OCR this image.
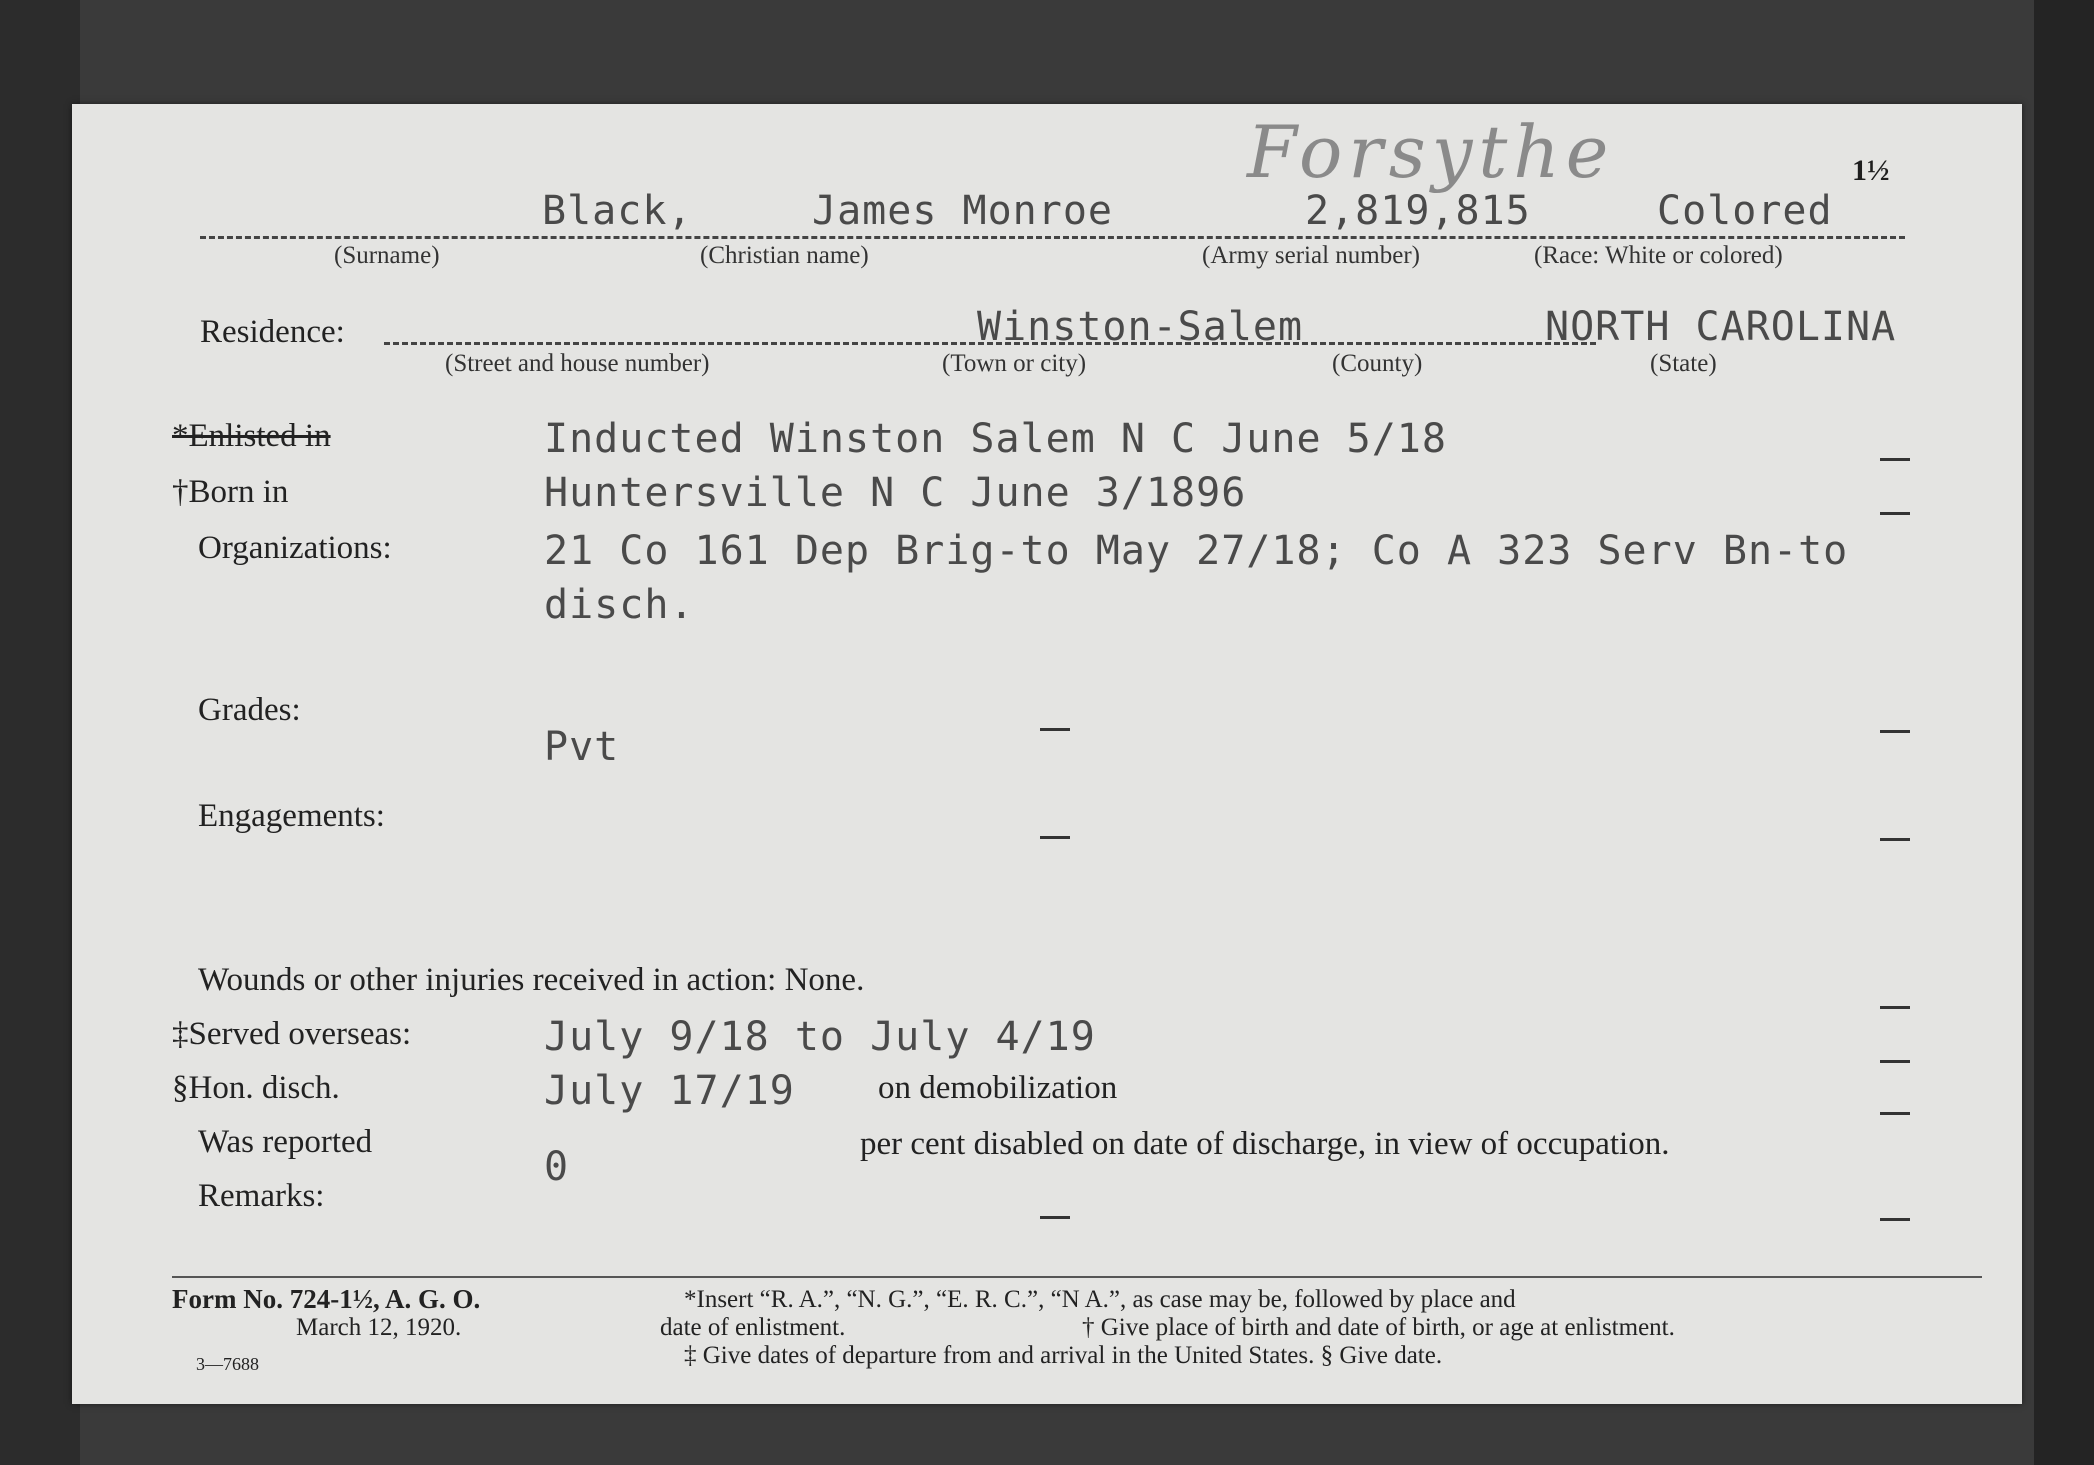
Forsythe	1½
Black,	James Monroe	2,819,815	Colored
(Surname)	(Christian name)	(Army serial number)	(Race: White or colored)
Residence:	Winston-Salem	NORTH CAROLINA
(Street and house number)	(Town or city)	(County)	(State)
*Enlisted in	Inducted Winston Salem N C June 5/18
†Born in	Huntersville N C June 3/1896
Organizations:	21 Co 161 Dep Brig-to May 27/18; Co A 323 Serv Bn-to
disch.
Grades:
Pvt
Engagements:
Wounds or other injuries received in action: None.
‡Served overseas:	July 9/18 to July 4/19
§Hon. disch.	July 17/19	on demobilization
Was reported
0	per cent disabled on date of discharge, in view of occupation.
Remarks:
Form No. 724-1½, A. G. O.
March 12, 1920.
3—7688
*Insert “R. A.”, “N. G.”, “E. R. C.”, “N A.”, as case may be, followed by place and
date of enlistment.	† Give place of birth and date of birth, or age at enlistment.
‡ Give dates of departure from and arrival in the United States. § Give date.
